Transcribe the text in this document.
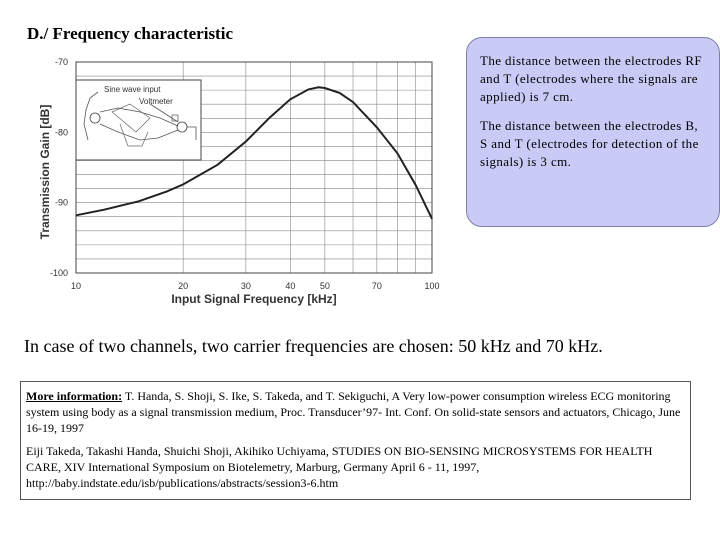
D./ Frequency characteristic
-70
-80
-90
-100
10	20	30	40	50	70	100
Input Signal Frequency [kHz]
Transmission Gain [dB]
Sine wave input
Voltmeter

The distance between the electrodes RF and T (electrodes where the signals are applied) is 7 cm.

The distance between the electrodes B, S and T (electrodes for detection of the signals) is 3 cm.

In case of two channels, two carrier frequencies are chosen: 50 kHz and 70 kHz.

More information: T. Handa, S. Shoji, S. Ike, S. Takeda, and T. Sekiguchi, A Very low-power consumption wireless ECG monitoring system using body as a signal transmission medium, Proc. Transducer’97- Int. Conf. On solid-state sensors and actuators, Chicago, June 16-19, 1997

Eiji Takeda, Takashi Handa, Shuichi Shoji, Akihiko Uchiyama, STUDIES ON BIO-SENSING MICROSYSTEMS FOR HEALTH CARE, XIV International Symposium on Biotelemetry, Marburg, Germany April 6 - 11, 1997, http://baby.indstate.edu/isb/publications/abstracts/session3-6.htm
